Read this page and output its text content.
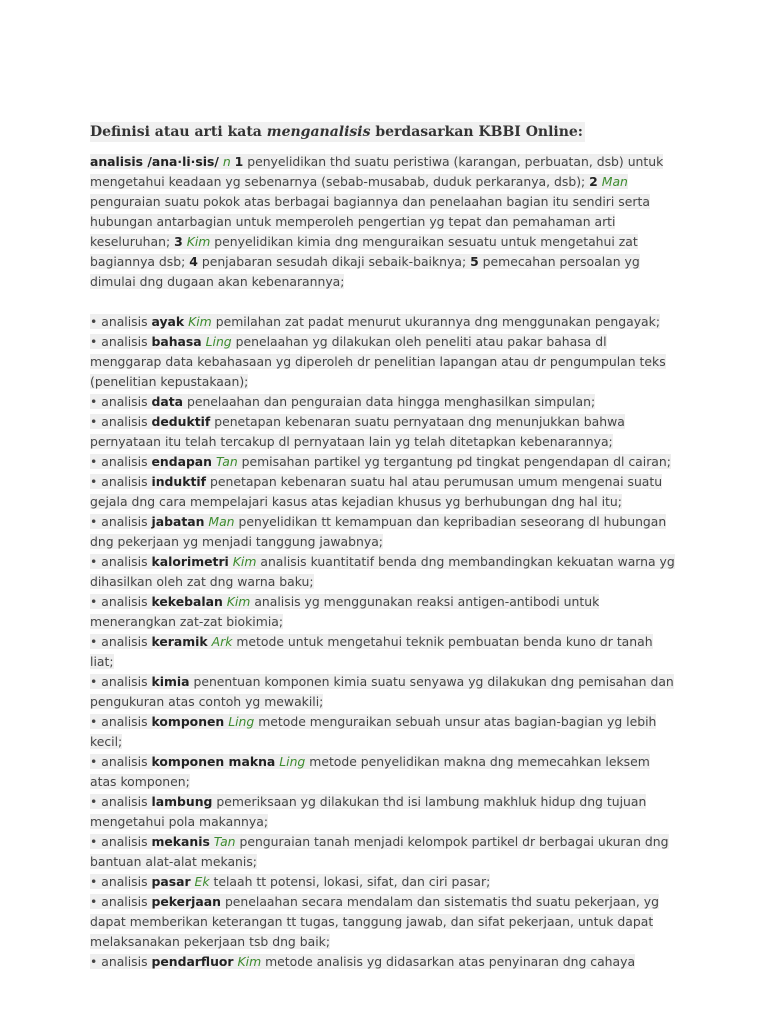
Definisi atau arti kata menganalisis berdasarkan KBBI Online:

analisis /ana·li·sis/ n 1 penyelidikan thd suatu peristiwa (karangan, perbuatan, dsb) untuk mengetahui keadaan yg sebenarnya (sebab-musabab, duduk perkaranya, dsb); 2 Man penguraian suatu pokok atas berbagai bagiannya dan penelaahan bagian itu sendiri serta hubungan antarbagian untuk memperoleh pengertian yg tepat dan pemahaman arti keseluruhan; 3 Kim penyelidikan kimia dng menguraikan sesuatu untuk mengetahui zat bagiannya dsb; 4 penjabaran sesudah dikaji sebaik-baiknya; 5 pemecahan persoalan yg dimulai dng dugaan akan kebenarannya;

• analisis ayak Kim pemilahan zat padat menurut ukurannya dng menggunakan pengayak;

• analisis bahasa Ling penelaahan yg dilakukan oleh peneliti atau pakar bahasa dl menggarap data kebahasaan yg diperoleh dr penelitian lapangan atau dr pengumpulan teks (penelitian kepustakaan);

• analisis data penelaahan dan penguraian data hingga menghasilkan simpulan;

• analisis deduktif penetapan kebenaran suatu pernyataan dng menunjukkan bahwa pernyataan itu telah tercakup dl pernyataan lain yg telah ditetapkan kebenarannya;

• analisis endapan Tan pemisahan partikel yg tergantung pd tingkat pengendapan dl cairan;

• analisis induktif penetapan kebenaran suatu hal atau perumusan umum mengenai suatu gejala dng cara mempelajari kasus atas kejadian khusus yg berhubungan dng hal itu;

• analisis jabatan Man penyelidikan tt kemampuan dan kepribadian seseorang dl hubungan dng pekerjaan yg menjadi tanggung jawabnya;

• analisis kalorimetri Kim analisis kuantitatif benda dng membandingkan kekuatan warna yg dihasilkan oleh zat dng warna baku;

• analisis kekebalan Kim analisis yg menggunakan reaksi antigen-antibodi untuk menerangkan zat-zat biokimia;

• analisis keramik Ark metode untuk mengetahui teknik pembuatan benda kuno dr tanah liat;

• analisis kimia penentuan komponen kimia suatu senyawa yg dilakukan dng pemisahan dan pengukuran atas contoh yg mewakili;

• analisis komponen Ling metode menguraikan sebuah unsur atas bagian-bagian yg lebih kecil;

• analisis komponen makna Ling metode penyelidikan makna dng memecahkan leksem atas komponen;

• analisis lambung pemeriksaan yg dilakukan thd isi lambung makhluk hidup dng tujuan mengetahui pola makannya;

• analisis mekanis Tan penguraian tanah menjadi kelompok partikel dr berbagai ukuran dng bantuan alat-alat mekanis;

• analisis pasar Ek telaah tt potensi, lokasi, sifat, dan ciri pasar;

• analisis pekerjaan penelaahan secara mendalam dan sistematis thd suatu pekerjaan, yg dapat memberikan keterangan tt tugas, tanggung jawab, dan sifat pekerjaan, untuk dapat melaksanakan pekerjaan tsb dng baik;

• analisis pendarfluor Kim metode analisis yg didasarkan atas penyinaran dng cahaya
